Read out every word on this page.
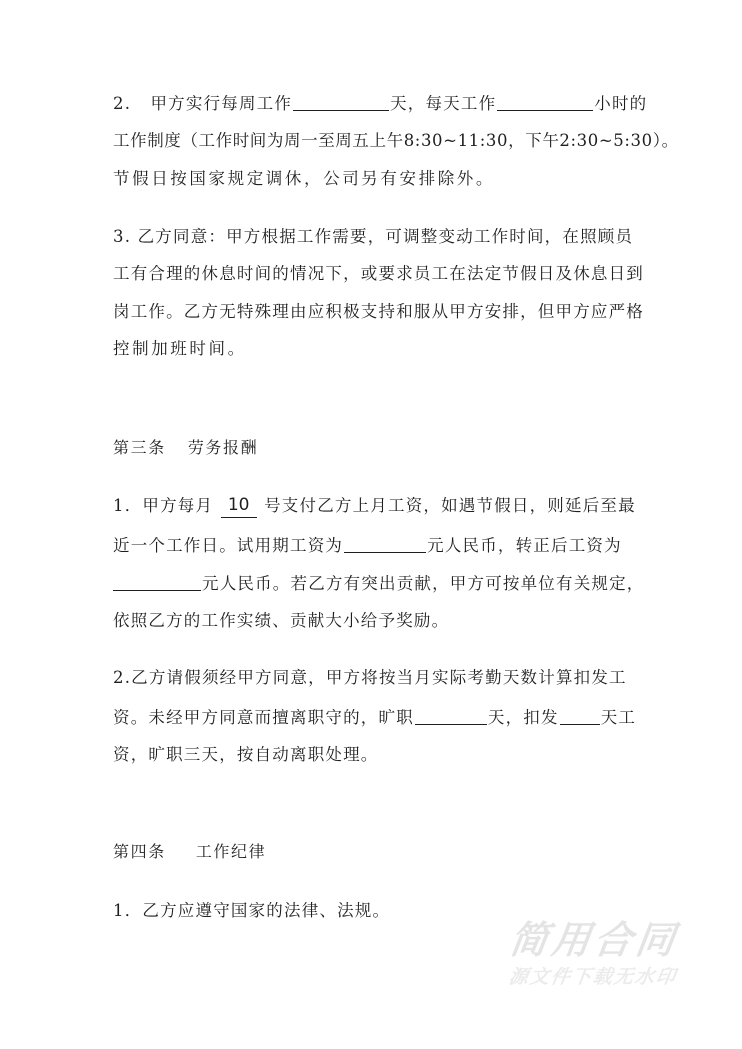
2.   甲方实行每周工作	天，每天工作	小时的
工作制度（工作时间为周一至周五上午8:30~11:30，下午2:30~5:30）。
节假日按国家规定调休，公司另有安排除外。
3. 乙方同意：甲方根据工作需要，可调整变动工作时间，在照顾员
工有合理的休息时间的情况下，或要求员工在法定节假日及休息日到
岗工作。乙方无特殊理由应积极支持和服从甲方安排，但甲方应严格
控制加班时间。
第三条 劳务报酬
1．甲方每月 10 号支付乙方上月工资，如遇节假日，则延后至最
近一个工作日。试用期工资为	元人民币，转正后工资为
元人民币。若乙方有突出贡献，甲方可按单位有关规定，
依照乙方的工作实绩、贡献大小给予奖励。
2.乙方请假须经甲方同意，甲方将按当月实际考勤天数计算扣发工
资。未经甲方同意而擅离职守的，旷职	天，扣发	天工
资，旷职三天，按自动离职处理。
第四条 工作纪律
1．乙方应遵守国家的法律、法规。
简用合同
源文件下载无水印
